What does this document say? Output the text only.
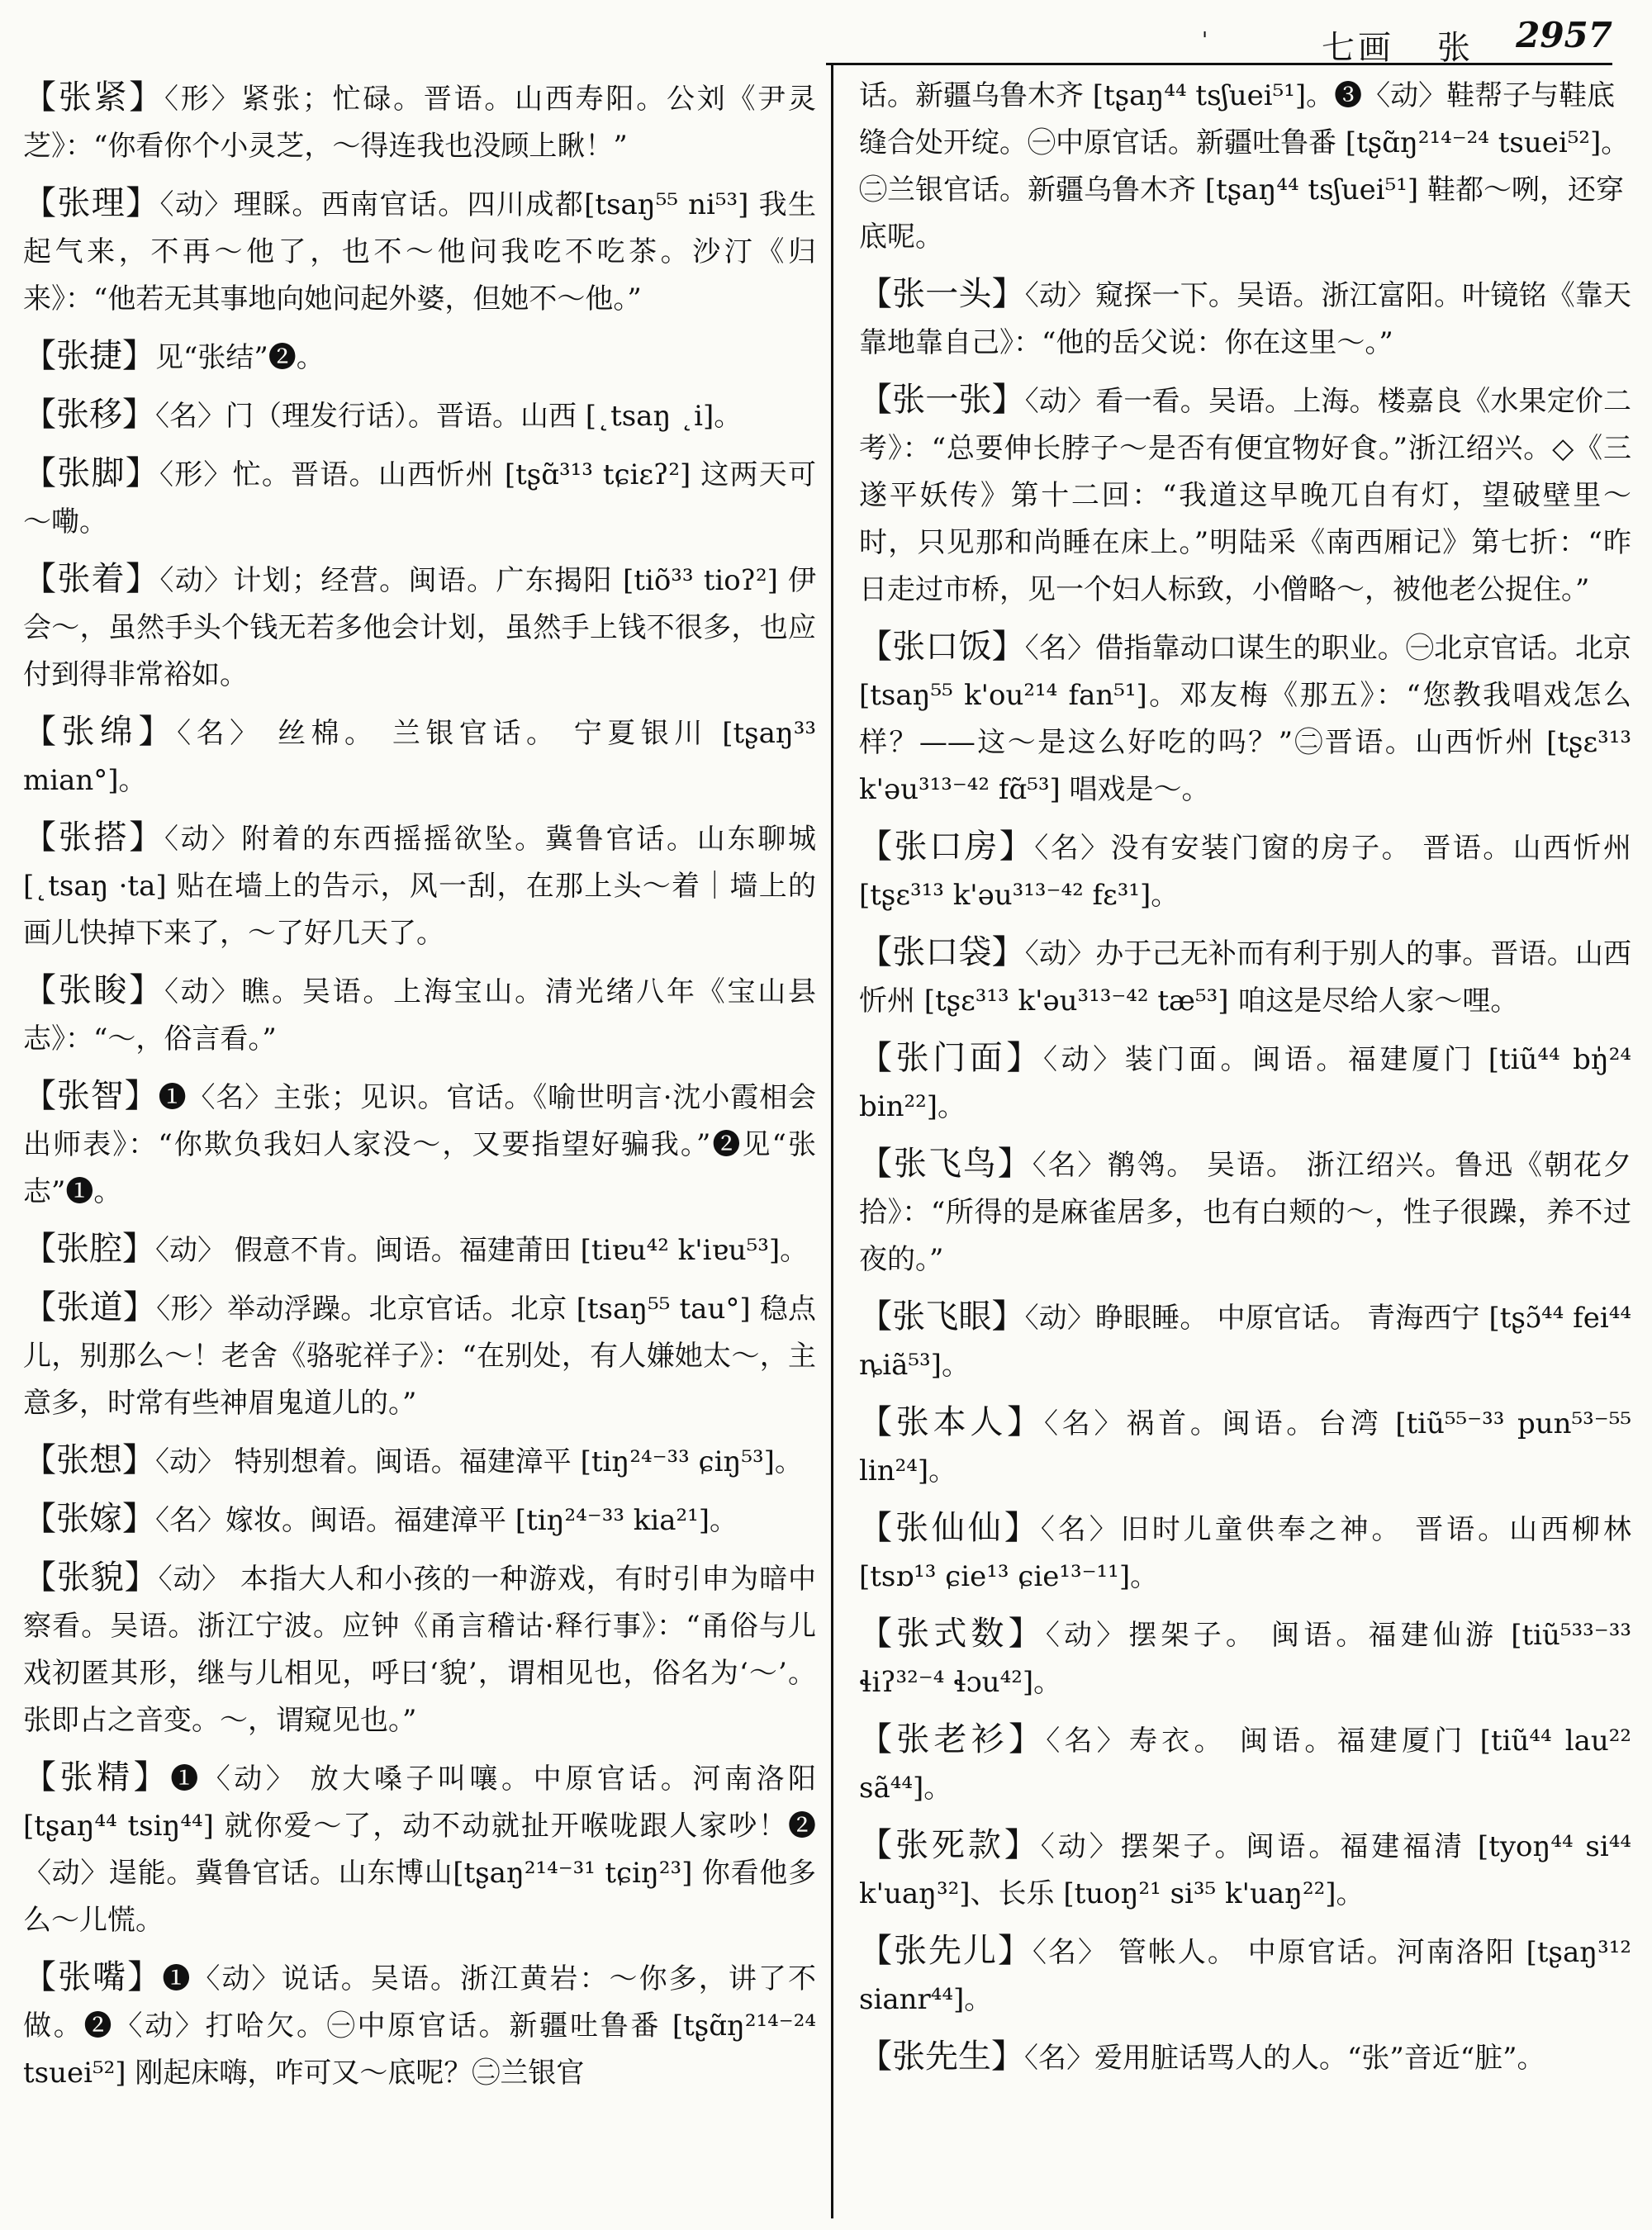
'	七画 张 2957

【张紧】〈形〉紧张；忙碌。晋语。山西寿阳。公刘《尹灵芝》：“你看你个小灵芝，～得连我也没顾上瞅！”

【张理】〈动〉理睬。西南官话。四川成都[tsaŋ⁵⁵ ni⁵³] 我生起气来，不再～他了，也不～他问我吃不吃茶。沙汀《归来》：“他若无其事地向她问起外婆，但她不～他。”

【张捷】见“张结”❷。

【张移】〈名〉门（理发行话）。晋语。山西 [˛tsaŋ ˛i]。

【张脚】〈形〉忙。晋语。山西忻州 [tʂɑ̃³¹³ tɕiɛʔ²] 这两天可～嘞。

【张着】〈动〉计划；经营。闽语。广东揭阳 [tiõ³³ tioʔ²] 伊会～，虽然手头个钱无若多他会计划，虽然手上钱不很多，也应付到得非常裕如。

【张绵】〈名〉 丝棉。 兰银官话。 宁夏银川 [tʂaŋ³³ mian°]。

【张搭】〈动〉附着的东西摇摇欲坠。冀鲁官话。山东聊城 [˛tsaŋ ·ta] 贴在墙上的告示，风一刮，在那上头～着｜墙上的画儿快掉下来了，～了好几天了。

【张睃】〈动〉瞧。吴语。上海宝山。清光绪八年《宝山县志》：“～，俗言看。”

【张智】❶〈名〉主张；见识。官话。《喻世明言·沈小霞相会出师表》：“你欺负我妇人家没～，又要指望好骗我。”❷见“张志”❶。

【张腔】〈动〉 假意不肯。闽语。福建莆田 [tiɐu⁴² k'iɐu⁵³]。

【张道】〈形〉举动浮躁。北京官话。北京 [tsaŋ⁵⁵ tau°] 稳点儿，别那么～！老舍《骆驼祥子》：“在别处，有人嫌她太～，主意多，时常有些神眉鬼道儿的。”

【张想】〈动〉 特别想着。闽语。福建漳平 [tiŋ²⁴⁻³³ ɕiŋ⁵³]。

【张嫁】〈名〉嫁妆。闽语。福建漳平 [tiŋ²⁴⁻³³ kia²¹]。

【张貌】〈动〉 本指大人和小孩的一种游戏，有时引申为暗中察看。吴语。浙江宁波。应钟《甬言稽诂·释行事》：“甬俗与儿戏初匿其形，继与儿相见，呼曰‘貌’，谓相见也，俗名为‘～’。张即占之音变。～，谓窥见也。”

【张精】❶〈动〉 放大嗓子叫嚷。中原官话。河南洛阳 [tʂaŋ⁴⁴ tsiŋ⁴⁴] 就你爱～了，动不动就扯开喉咙跟人家吵！❷〈动〉逞能。冀鲁官话。山东博山[tʂaŋ²¹⁴⁻³¹ tɕiŋ²³] 你看他多么～儿慌。

【张嘴】❶〈动〉说话。吴语。浙江黄岩：～你多，讲了不做。❷〈动〉打哈欠。㊀中原官话。新疆吐鲁番 [tʂɑ̃ŋ²¹⁴⁻²⁴ tsuei⁵²] 刚起床嗨，咋可又～底呢？㊁兰银官

话。新疆乌鲁木齐 [tʂaŋ⁴⁴ tsʃuei⁵¹]。❸〈动〉鞋帮子与鞋底缝合处开绽。㊀中原官话。新疆吐鲁番 [tʂɑ̃ŋ²¹⁴⁻²⁴ tsuei⁵²]。㊁兰银官话。新疆乌鲁木齐 [tʂaŋ⁴⁴ tsʃuei⁵¹] 鞋都～咧，还穿底呢。

【张一头】〈动〉窥探一下。吴语。浙江富阳。叶镜铭《靠天靠地靠自己》：“他的岳父说：你在这里～。”

【张一张】〈动〉看一看。吴语。上海。楼嘉良《水果定价二考》：“总要伸长脖子～是否有便宜物好食。”浙江绍兴。◇《三遂平妖传》第十二回：“我道这早晚兀自有灯，望破壁里～时，只见那和尚睡在床上。”明陆采《南西厢记》第七折：“昨日走过市桥，见一个妇人标致，小僧略～，被他老公捉住。”

【张口饭】〈名〉借指靠动口谋生的职业。㊀北京官话。北京[tsaŋ⁵⁵ k'ou²¹⁴ fan⁵¹]。邓友梅《那五》：“您教我唱戏怎么样？——这～是这么好吃的吗？”㊁晋语。山西忻州 [tʂɛ³¹³ k'əu³¹³⁻⁴² fɑ̃⁵³] 唱戏是～。

【张口房】〈名〉没有安装门窗的房子。 晋语。山西忻州 [tʂɛ³¹³ k'əu³¹³⁻⁴² fɛ³¹]。

【张口袋】〈动〉办于己无补而有利于别人的事。晋语。山西忻州 [tʂɛ³¹³ k'əu³¹³⁻⁴² tæ⁵³] 咱这是尽给人家～哩。

【张门面】〈动〉装门面。闽语。福建厦门 [tiũ⁴⁴ bŋ̍²⁴ bin²²]。

【张飞鸟】〈名〉鹡鸰。 吴语。 浙江绍兴。鲁迅《朝花夕拾》：“所得的是麻雀居多，也有白颊的～，性子很躁，养不过夜的。”

【张飞眼】〈动〉睁眼睡。 中原官话。 青海西宁 [tʂɔ̃⁴⁴ fei⁴⁴ ȵiã⁵³]。

【张本人】〈名〉祸首。闽语。台湾 [tiũ⁵⁵⁻³³ pun⁵³⁻⁵⁵ lin²⁴]。

【张仙仙】〈名〉旧时儿童供奉之神。 晋语。山西柳林 [tsɒ¹³ ɕie¹³ ɕie¹³⁻¹¹]。

【张式数】〈动〉摆架子。 闽语。福建仙游 [tiũ⁵³³⁻³³ ɬiʔ³²⁻⁴ ɬɔu⁴²]。

【张老衫】〈名〉寿衣。 闽语。福建厦门 [tiũ⁴⁴ lau²² sã⁴⁴]。

【张死款】〈动〉摆架子。闽语。福建福清 [tyoŋ⁴⁴ si⁴⁴ k'uaŋ³²]、长乐 [tuoŋ²¹ si³⁵ k'uaŋ²²]。

【张先儿】〈名〉 管帐人。 中原官话。河南洛阳 [tʂaŋ³¹² sianr⁴⁴]。

【张先生】〈名〉爱用脏话骂人的人。“张”音近“脏”。
